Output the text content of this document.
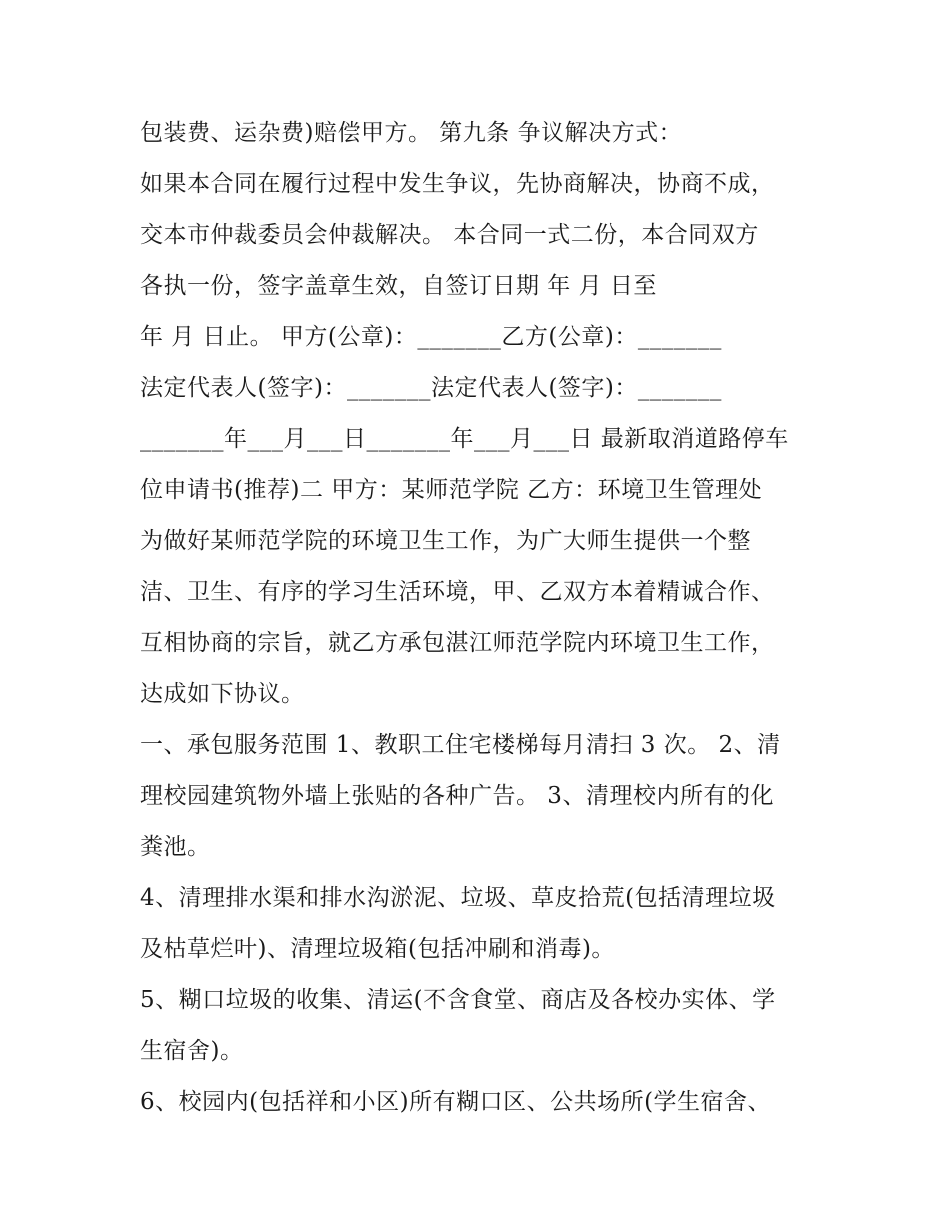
包装费、运杂费)赔偿甲方。 第九条 争议解决方式：
如果本合同在履行过程中发生争议，先协商解决，协商不成，
交本市仲裁委员会仲裁解决。 本合同一式二份，本合同双方
各执一份，签字盖章生效，自签订日期 年 月 日至
年 月 日止。 甲方(公章)：_______乙方(公章)：_______
法定代表人(签字)：_______法定代表人(签字)：_______
_______年___月___日_______年___月___日 最新取消道路停车
位申请书(推荐)二 甲方：某师范学院 乙方：环境卫生管理处
为做好某师范学院的环境卫生工作，为广大师生提供一个整
洁、卫生、有序的学习生活环境，甲、乙双方本着精诚合作、
互相协商的宗旨，就乙方承包湛江师范学院内环境卫生工作，
达成如下协议。
一、承包服务范围 1、教职工住宅楼梯每月清扫 3 次。 2、清
理校园建筑物外墙上张贴的各种广告。 3、清理校内所有的化
粪池。
4、清理排水渠和排水沟淤泥、垃圾、草皮拾荒(包括清理垃圾
及枯草烂叶)、清理垃圾箱(包括冲刷和消毒)。
5、糊口垃圾的收集、清运(不含食堂、商店及各校办实体、学
生宿舍)。
6、校园内(包括祥和小区)所有糊口区、公共场所(学生宿舍、
